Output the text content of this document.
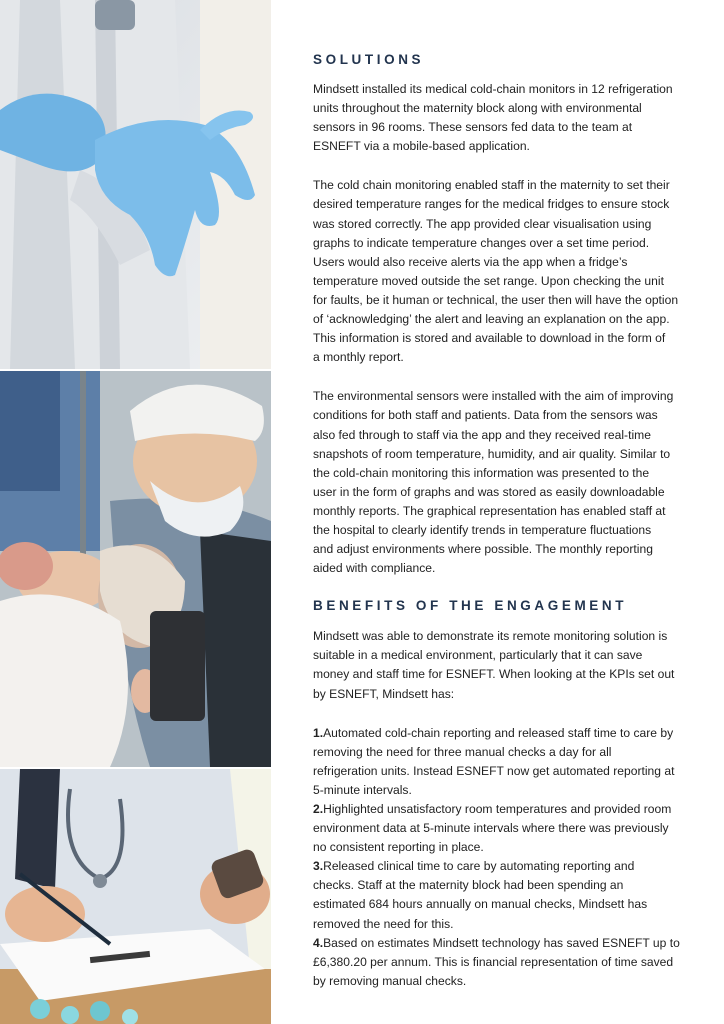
SOLUTIONS

Mindsett installed its medical cold-chain monitors in 12 refrigeration
units throughout the maternity block along with environmental
sensors in 96 rooms. These sensors fed data to the team at
ESNEFT via a mobile-based application.

The cold chain monitoring enabled staff in the maternity to set their
desired temperature ranges for the medical fridges to ensure stock
was stored correctly. The app provided clear visualisation using
graphs to indicate temperature changes over a set time period.
Users would also receive alerts via the app when a fridge’s
temperature moved outside the set range. Upon checking the unit
for faults, be it human or technical, the user then will have the option
of ‘acknowledging’ the alert and leaving an explanation on the app.
This information is stored and available to download in the form of
a monthly report.

The environmental sensors were installed with the aim of improving
conditions for both staff and patients. Data from the sensors was
also fed through to staff via the app and they received real-time
snapshots of room temperature, humidity, and air quality. Similar to
the cold-chain monitoring this information was presented to the
user in the form of graphs and was stored as easily downloadable
monthly reports. The graphical representation has enabled staff at
the hospital to clearly identify trends in temperature fluctuations
and adjust environments where possible. The monthly reporting
aided with compliance.

BENEFITS OF THE ENGAGEMENT

Mindsett was able to demonstrate its remote monitoring solution is
suitable in a medical environment, particularly that it can save
money and staff time for ESNEFT. When looking at the KPIs set out
by ESNEFT, Mindsett has:

1.Automated cold-chain reporting and released staff time to care by
removing the need for three manual checks a day for all
refrigeration units. Instead ESNEFT now get automated reporting at
5-minute intervals.
2.Highlighted unsatisfactory room temperatures and provided room
environment data at 5-minute intervals where there was previously
no consistent reporting in place.
3.Released clinical time to care by automating reporting and
checks. Staff at the maternity block had been spending an
estimated 684 hours annually on manual checks, Mindsett has
removed the need for this.
4.Based on estimates Mindsett technology has saved ESNEFT up to
£6,380.20 per annum. This is financial representation of time saved
by removing manual checks.
